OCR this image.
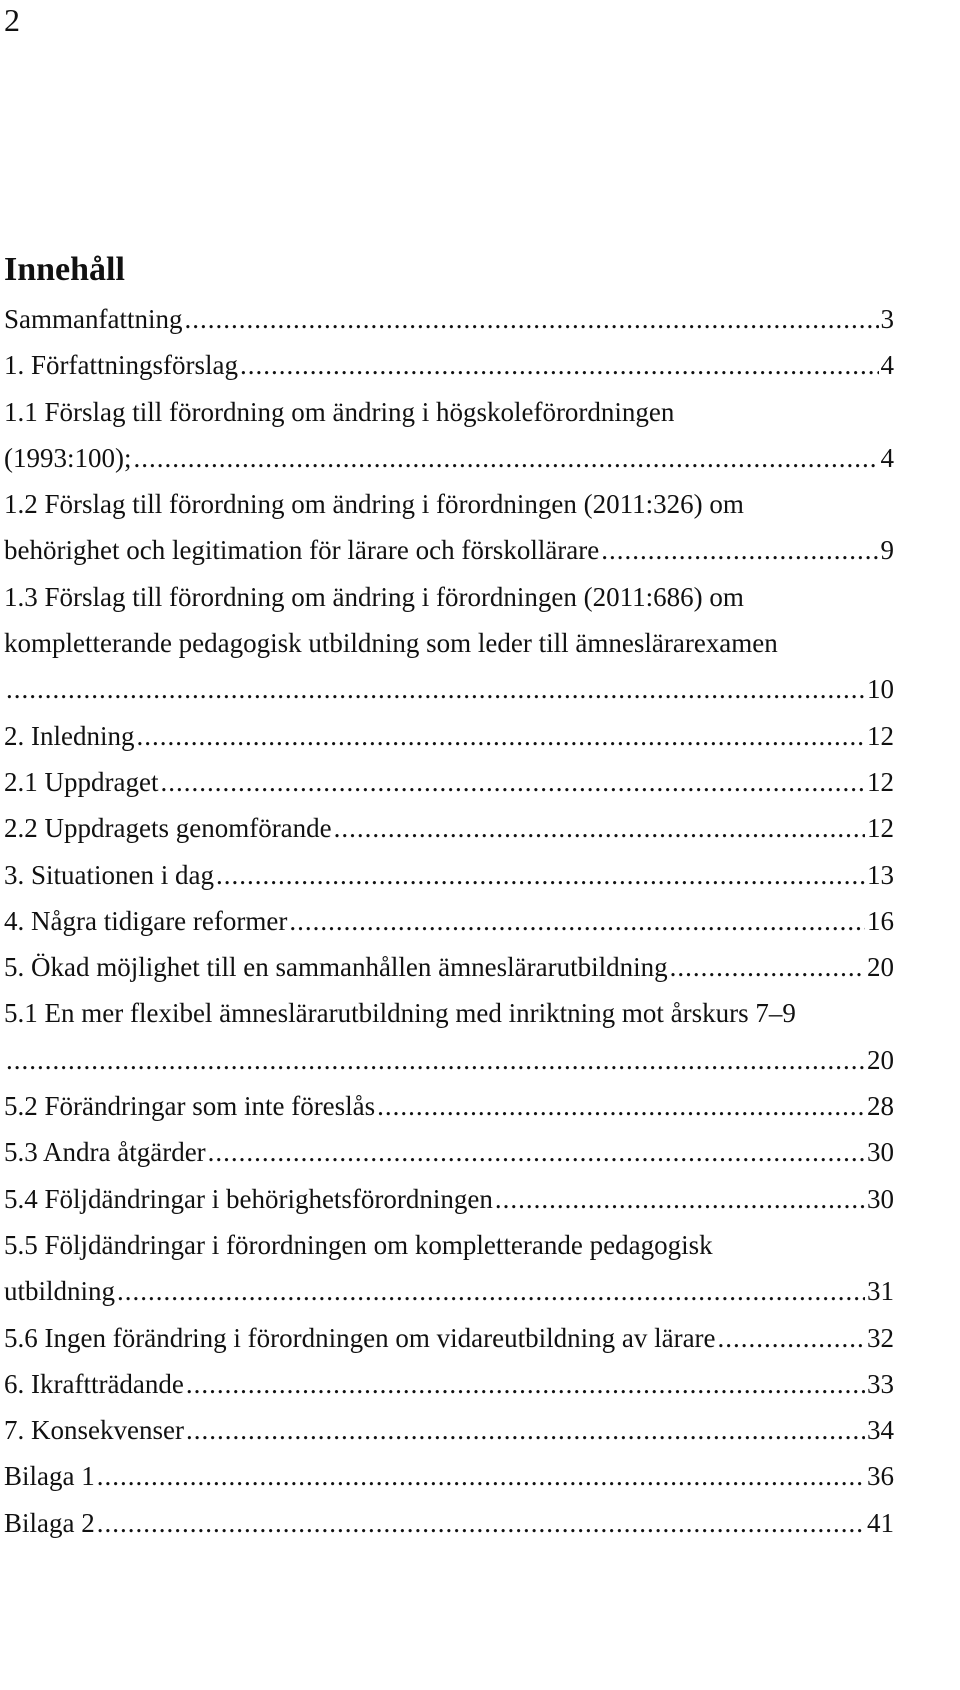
2
Innehåll
Sammanfattning .....	3
1. Författningsförslag .....	4
1.1 Förslag till förordning om ändring i högskoleförordningen
(1993:100); .....	4
1.2 Förslag till förordning om ändring i förordningen (2011:326) om
behörighet och legitimation för lärare och förskollärare .....	9
1.3 Förslag till förordning om ändring i förordningen (2011:686) om
kompletterande pedagogisk utbildning som leder till ämneslärarexamen
.....
10
2. Inledning .....	12
2.1 Uppdraget .....	12
2.2 Uppdragets genomförande .....	12
3. Situationen i dag .....	13
4. Några tidigare reformer .....	16
5. Ökad möjlighet till en sammanhållen ämneslärarutbildning .....	20
5.1 En mer flexibel ämneslärarutbildning med inriktning mot årskurs 7–9
.....
20
5.2 Förändringar som inte föreslås .....	28
5.3 Andra åtgärder .....	30
5.4 Följdändringar i behörighetsförordningen .....	30
5.5 Följdändringar i förordningen om kompletterande pedagogisk
utbildning .....	31
5.6 Ingen förändring i förordningen om vidareutbildning av lärare .....	32
6. Ikraftträdande .....	33
7. Konsekvenser .....	34
Bilaga 1 .....	36
Bilaga 2 .....	41
